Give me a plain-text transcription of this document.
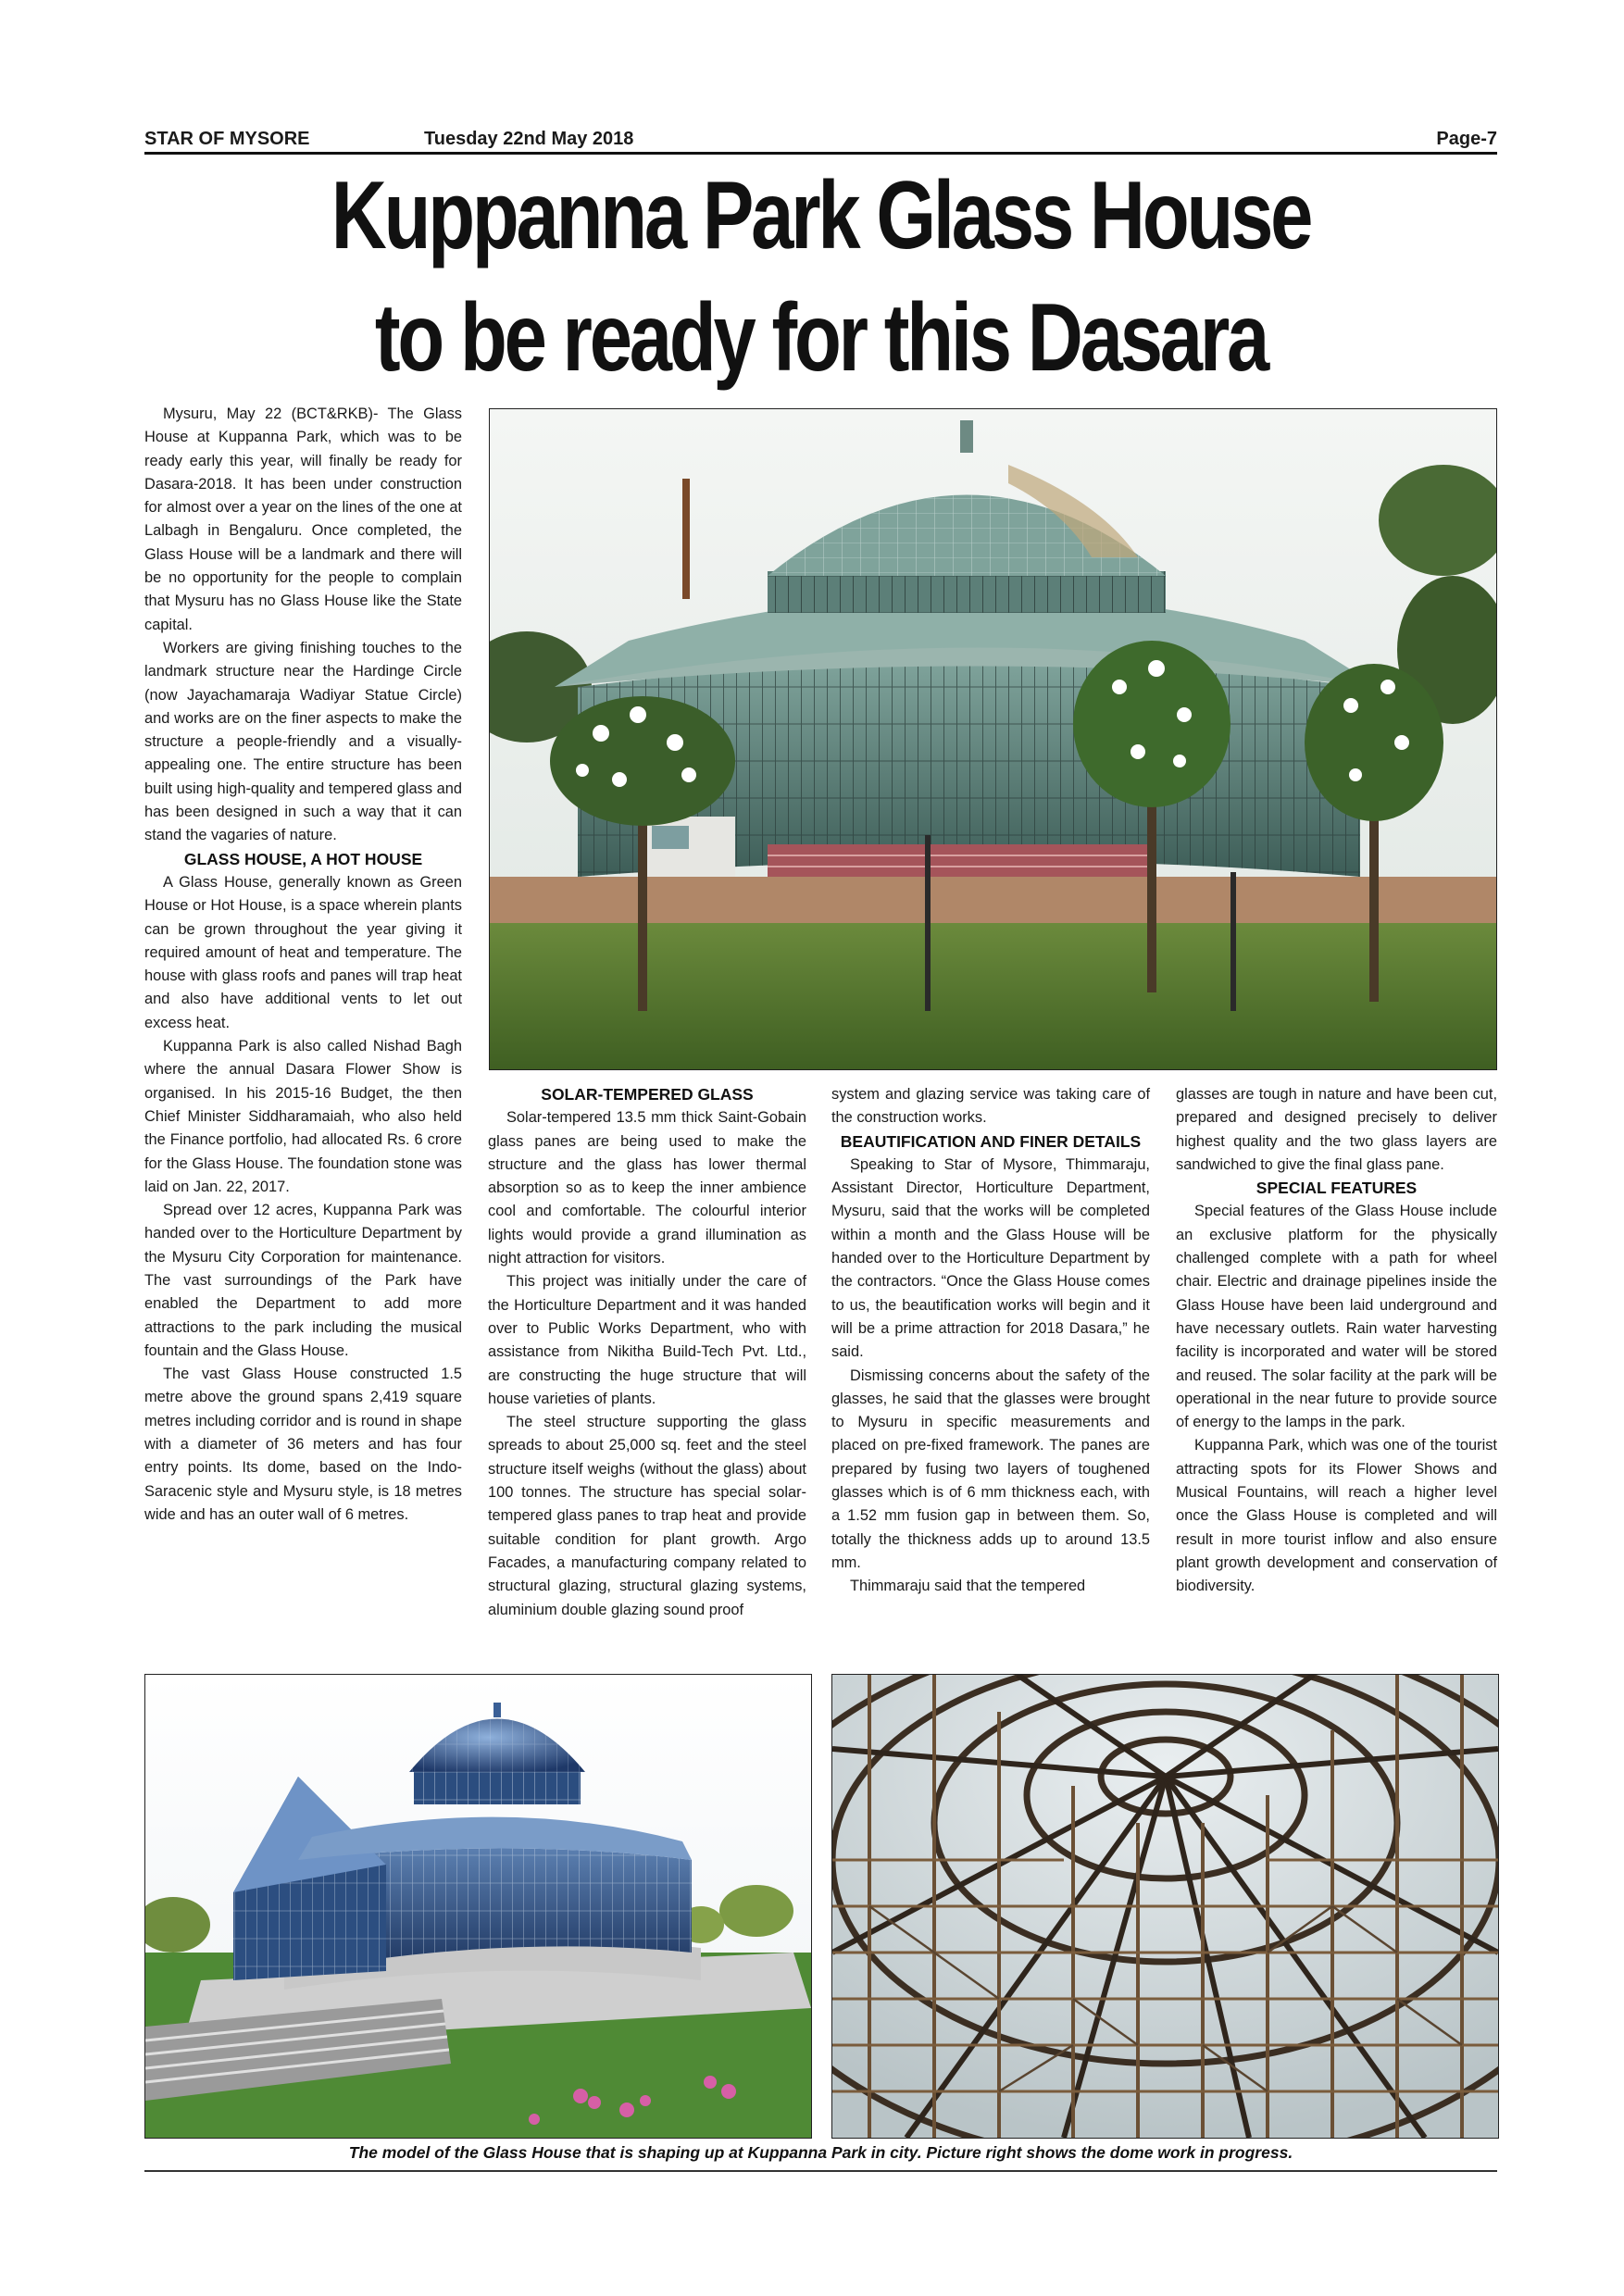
STAR OF MYSORE	Tuesday 22nd May 2018	Page-7
Kuppanna Park Glass House
to be ready for this Dasara

Mysuru, May 22 (BCT&RKB)- The Glass House at Kuppanna Park, which was to be ready early this year, will finally be ready for Dasara-2018. It has been under construction for almost over a year on the lines of the one at Lalbagh in Bengaluru. Once completed, the Glass House will be a landmark and there will be no opportunity for the people to complain that Mysuru has no Glass House like the State capital.

Workers are giving finishing touches to the landmark structure near the Hardinge Circle (now Jayachamaraja Wadiyar Statue Circle) and works are on the finer aspects to make the structure a people-friendly and a visually-appealing one. The entire structure has been built using high-quality and tempered glass and has been designed in such a way that it can stand the vagaries of nature.

GLASS HOUSE, A HOT HOUSE

A Glass House, generally known as Green House or Hot House, is a space wherein plants can be grown throughout the year giving it required amount of heat and temperature. The house with glass roofs and panes will trap heat and also have additional vents to let out excess heat.

Kuppanna Park is also called Nishad Bagh where the annual Dasara Flower Show is organised. In his 2015-16 Budget, the then Chief Minister Siddharamaiah, who also held the Finance portfolio, had allocated Rs. 6 crore for the Glass House. The foundation stone was laid on Jan. 22, 2017.

Spread over 12 acres, Kuppanna Park was handed over to the Horticulture Department by the Mysuru City Corporation for maintenance. The vast surroundings of the Park have enabled the Department to add more attractions to the park including the musical fountain and the Glass House.

The vast Glass House constructed 1.5 metre above the ground spans 2,419 square metres including corridor and is round in shape with a diameter of 36 meters and has four entry points. Its dome, based on the Indo-Saracenic style and Mysuru style, is 18 metres wide and has an outer wall of 6 metres.

SOLAR-TEMPERED GLASS

Solar-tempered 13.5 mm thick Saint-Gobain glass panes are being used to make the structure and the glass has lower thermal absorption so as to keep the inner ambience cool and comfortable. The colourful interior lights would provide a grand illumination as night attraction for visitors.

This project was initially under the care of the Horticulture Department and it was handed over to Public Works Department, who with assistance from Nikitha Build-Tech Pvt. Ltd., are constructing the huge structure that will house varieties of plants.

The steel structure supporting the glass spreads to about 25,000 sq. feet and the steel structure itself weighs (without the glass) about 100 tonnes. The structure has special solar-tempered glass panes to trap heat and provide suitable condition for plant growth. Argo Facades, a manufacturing company related to structural glazing, structural glazing systems, aluminium double glazing sound proof

system and glazing service was taking care of the construction works.

BEAUTIFICATION AND FINER DETAILS

Speaking to Star of Mysore, Thimmaraju, Assistant Director, Horticulture Department, Mysuru, said that the works will be completed within a month and the Glass House will be handed over to the Horticulture Department by the contractors. “Once the Glass House comes to us, the beautification works will begin and it will be a prime attraction for 2018 Dasara,” he said.

Dismissing concerns about the safety of the glasses, he said that the glasses were brought to Mysuru in specific measurements and placed on pre-fixed framework. The panes are prepared by fusing two layers of toughened glasses which is of 6 mm thickness each, with a 1.52 mm fusion gap in between them. So, totally the thickness adds up to around 13.5 mm.

Thimmaraju said that the tempered

glasses are tough in nature and have been cut, prepared and designed precisely to deliver highest quality and the two glass layers are sandwiched to give the final glass pane.

SPECIAL FEATURES

Special features of the Glass House include an exclusive platform for the physically challenged complete with a path for wheel chair. Electric and drainage pipelines inside the Glass House have been laid underground and have necessary outlets. Rain water harvesting facility is incorporated and water will be stored and reused. The solar facility at the park will be operational in the near future to provide source of energy to the lamps in the park.

Kuppanna Park, which was one of the tourist attracting spots for its Flower Shows and Musical Fountains, will reach a higher level once the Glass House is completed and will result in more tourist inflow and also ensure plant growth development and conservation of biodiversity.

The model of the Glass House that is shaping up at Kuppanna Park in city. Picture right shows the dome work in progress.
